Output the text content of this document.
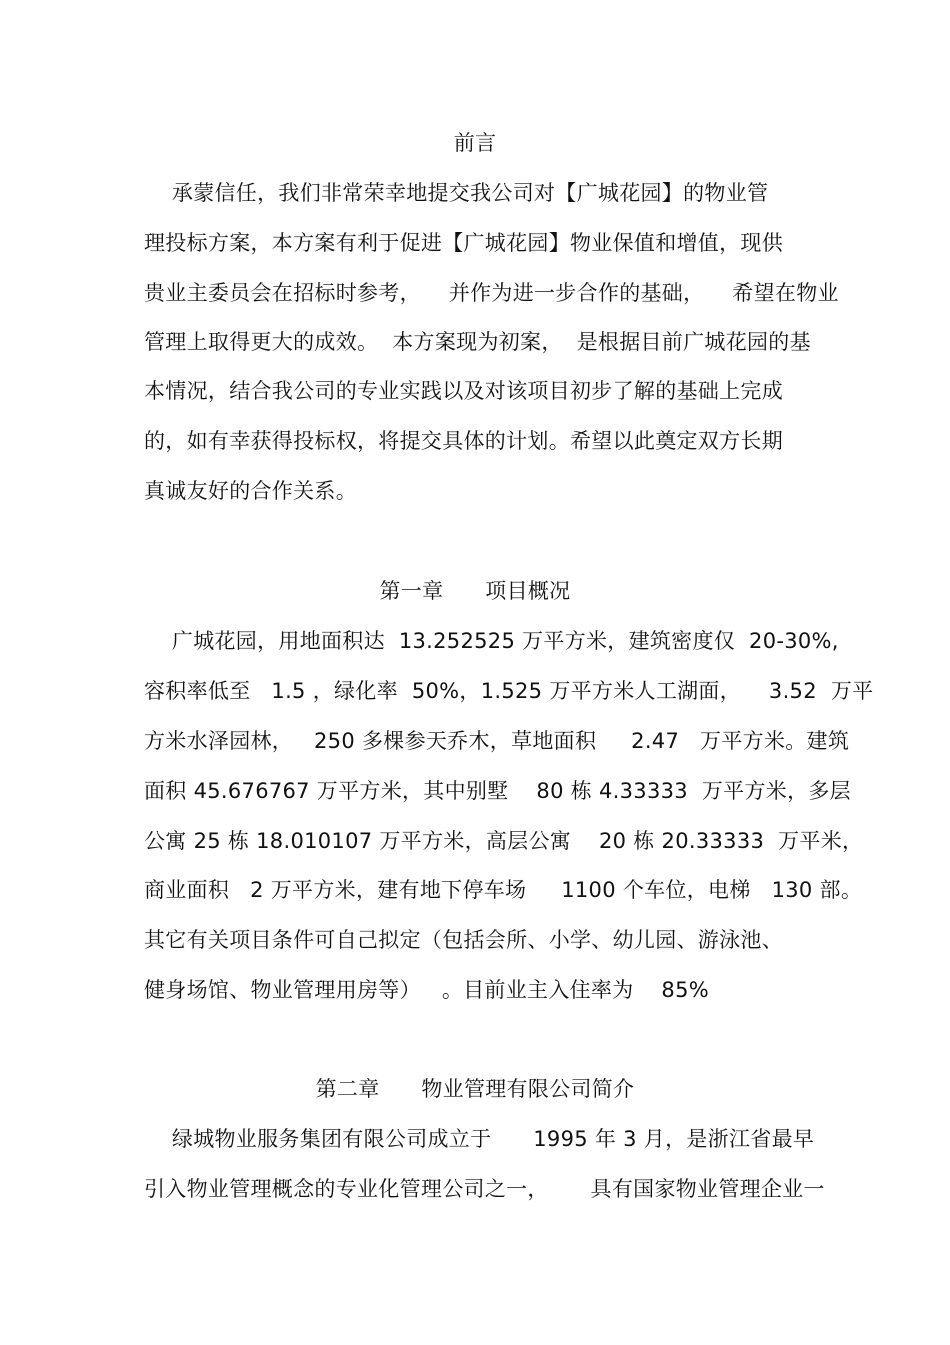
前言
承蒙信任，我们非常荣幸地提交我公司对【广城花园】的物业管
理投标方案，本方案有利于促进【广城花园】物业保值和增值，现供
贵业主委员会在招标时参考，    并作为进一步合作的基础，    希望在物业
管理上取得更大的成效。  本方案现为初案，  是根据目前广城花园的基
本情况，结合我公司的专业实践以及对该项目初步了解的基础上完成
的，如有幸获得投标权，将提交具体的计划。希望以此奠定双方长期
真诚友好的合作关系。
第一章      项目概况
广城花园，用地面积达  13.252525 万平方米，建筑密度仅  20-30%,
容积率低至   1.5 ，绿化率  50%，1.525 万平方米人工湖面，    3.52  万平
方米水泽园林，   250 多棵参天乔木，草地面积     2.47   万平方米。建筑
面积 45.676767 万平方米，其中别墅    80 栋 4.33333  万平方米，多层
公寓 25 栋 18.010107 万平方米，高层公寓    20 栋 20.33333  万平米，
商业面积   2 万平方米，建有地下停车场     1100 个车位，电梯   130 部。
其它有关项目条件可自己拟定（包括会所、小学、幼儿园、游泳池、
健身场馆、物业管理用房等）   。目前业主入住率为    85%
第二章      物业管理有限公司简介
绿城物业服务集团有限公司成立于      1995 年 3 月，是浙江省最早
引入物业管理概念的专业化管理公司之一，      具有国家物业管理企业一
